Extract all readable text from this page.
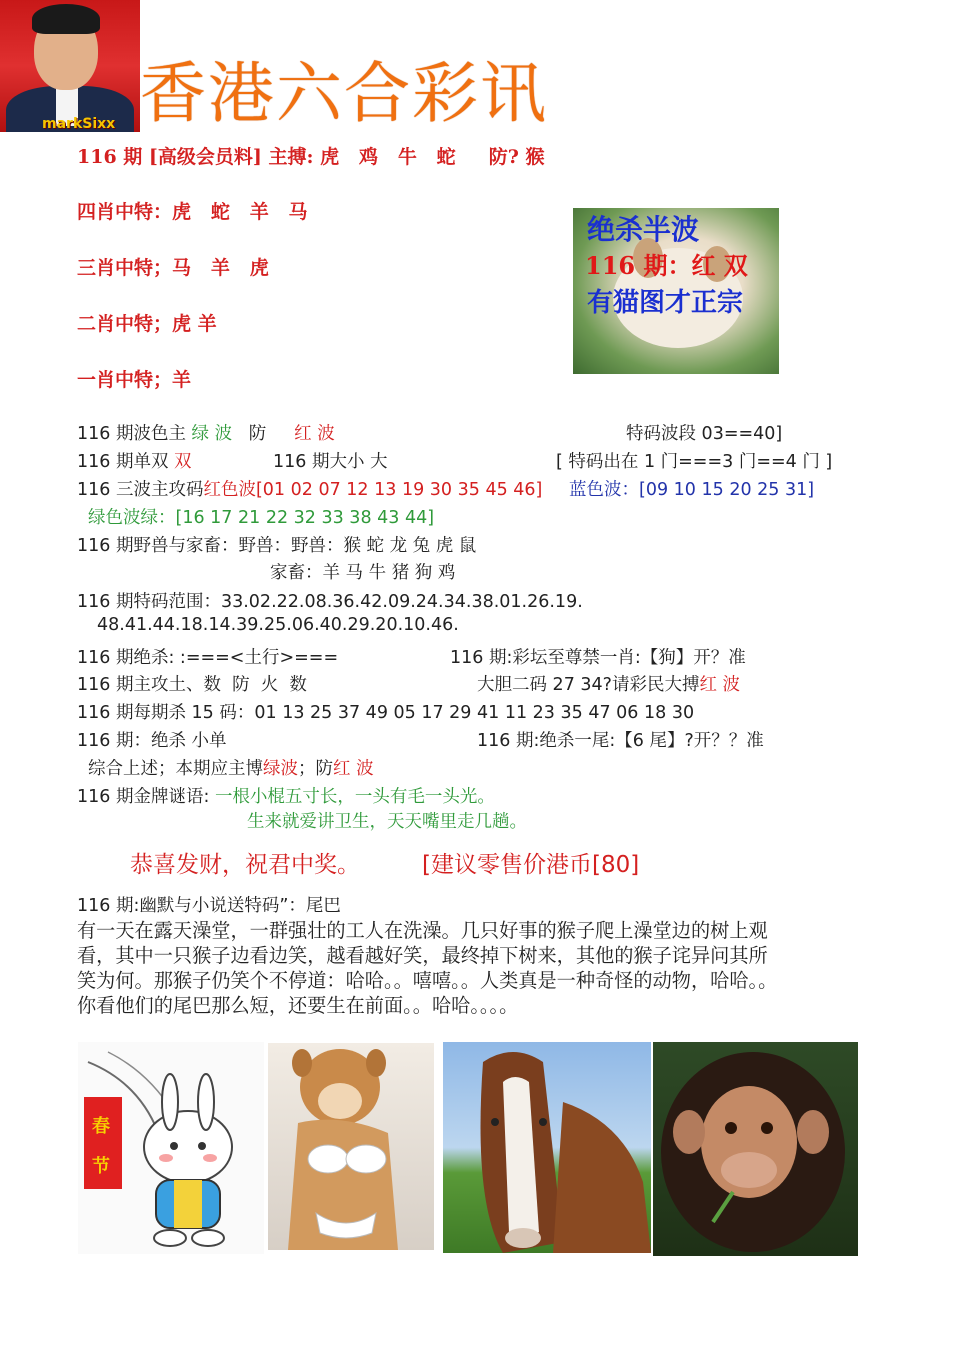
markSixx 香港六合彩讯
116 期 [高级会员料] 主搏: 虎   鸡   牛   蛇     防? 猴
四肖中特：虎   蛇   羊   马
三肖中特；马   羊   虎
二肖中特；虎 羊
一肖中特；羊
绝杀半波
116 期：红 双
有猫图才正宗
116 期波色主 绿 波   防     红 波	特码波段 03==40]
116 期单双 双	116 期大小 大	[ 特码出在 1 门===3 门==4 门 ]
116 三波主攻码红色波[01 02 07 12 13 19 30 35 45 46] 蓝色波：[09 10 15 20 25 31]
绿色波绿：[16 17 21 22 32 33 38 43 44]
116 期野兽与家畜：野兽：野兽：猴 蛇 龙 兔 虎 鼠
家畜：羊 马 牛 猪 狗 鸡
116 期特码范围：33.02.22.08.36.42.09.24.34.38.01.26.19.
48.41.44.18.14.39.25.06.40.29.20.10.46.
116 期绝杀: :===<土行>===	116 期:彩坛至尊禁一肖:【狗】开？准
116 期主攻土、数  防  火  数	大胆二码 27 34?请彩民大搏红 波
116 期每期杀 15 码：01 13 25 37 49 05 17 29 41 11 23 35 47 06 18 30
116 期：绝杀 小单	116 期:绝杀一尾:【6 尾】?开？？准
综合上述；本期应主博绿波；防红 波
116 期金牌谜语: 一根小棍五寸长，一头有毛一头光。
生来就爱讲卫生，天天嘴里走几趟。
恭喜发财，祝君中奖。	[建议零售价港币[80]
116 期:幽默与小说送特码”：尾巴
有一天在露天澡堂，一群强壮的工人在洗澡。几只好事的猴子爬上澡堂边的树上观
看，其中一只猴子边看边笑，越看越好笑，最终掉下树来，其他的猴子诧异问其所
笑为何。那猴子仍笑个不停道：哈哈。。嘻嘻。。人类真是一种奇怪的动物，哈哈。。
你看他们的尾巴那么短，还要生在前面。。哈哈。。。。
春
节
